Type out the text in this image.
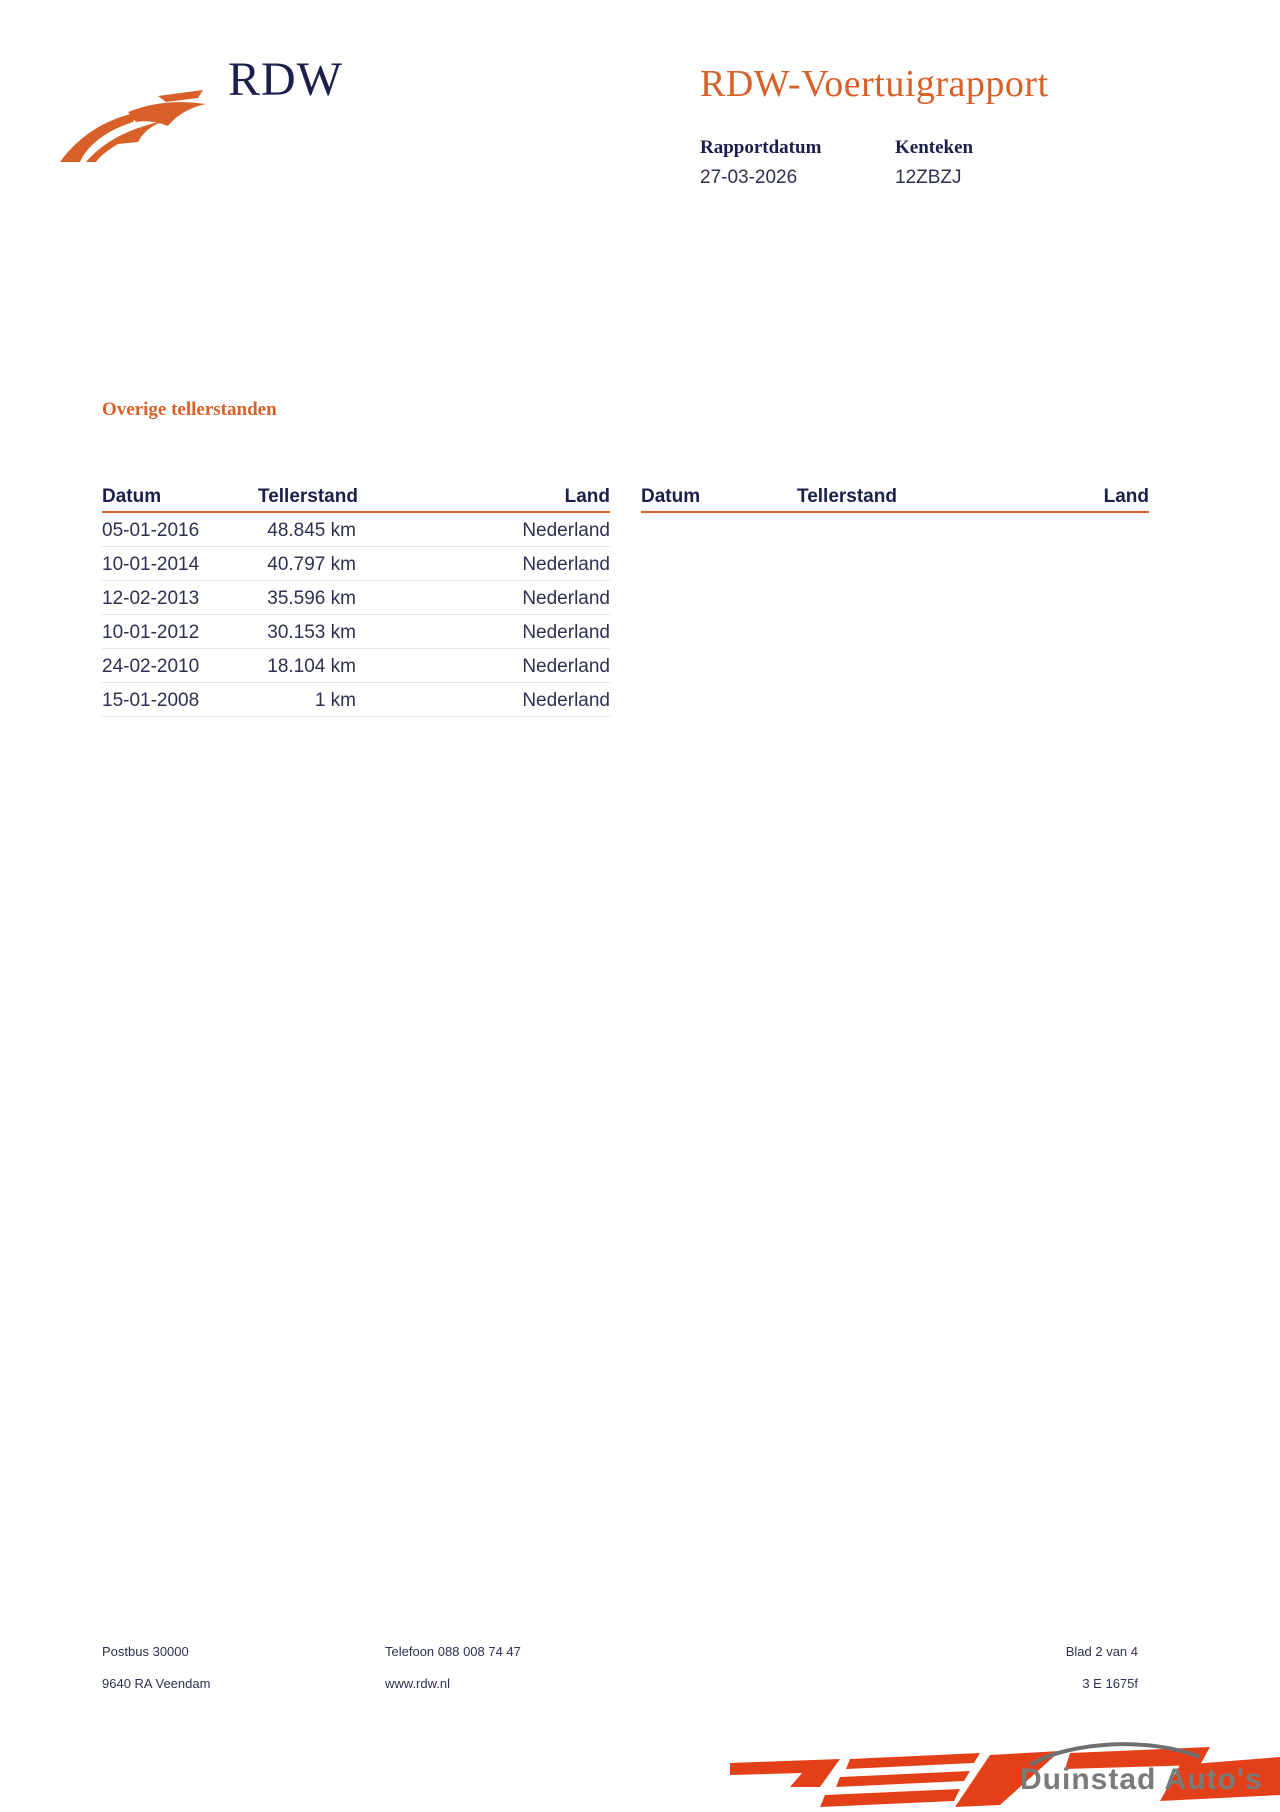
RDW	RDW-Voertuigrapport
Rapportdatum
27-03-2026
Kenteken
12ZBZJ
Overige tellerstanden
Datum	Tellerstand	Land
05-01-2016	48.845 km	Nederland
10-01-2014	40.797 km	Nederland
12-02-2013	35.596 km	Nederland
10-01-2012	30.153 km	Nederland
24-02-2010	18.104 km	Nederland
15-01-2008	1 km	Nederland
Datum	Tellerstand	Land
Postbus 30000
9640 RA Veendam
Telefoon 088 008 74 47
www.rdw.nl
Blad 2 van 4
3 E 1675f
Duinstad Auto's
